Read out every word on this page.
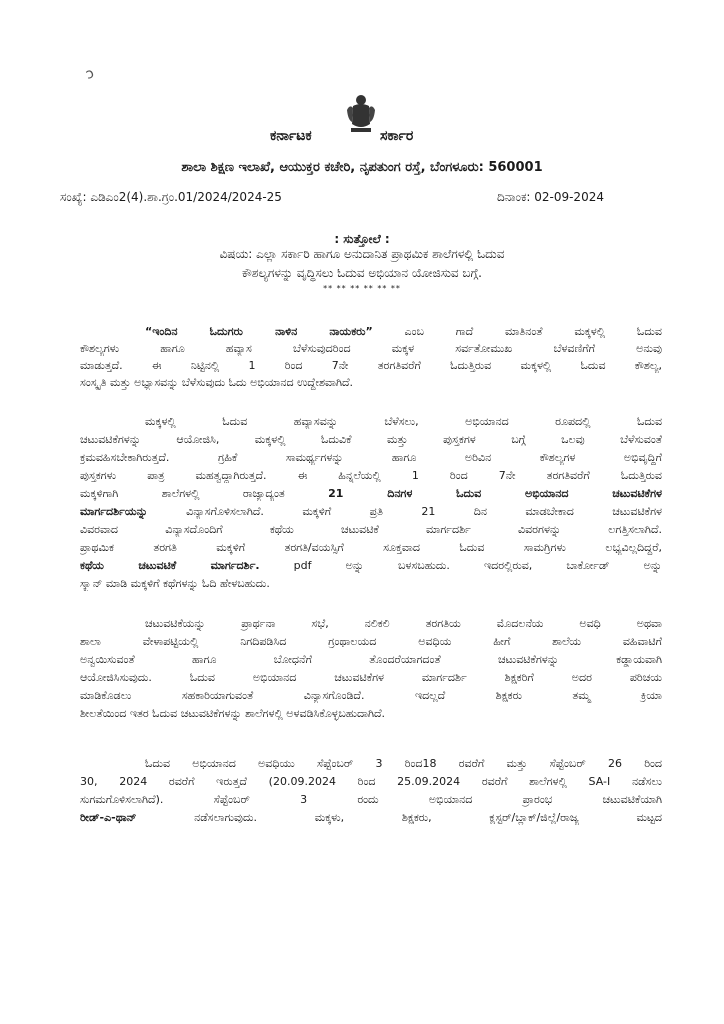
ɔ
ಕರ್ನಾಟಕ	ಸರ್ಕಾರ
ಶಾಲಾ ಶಿಕ್ಷಣ ಇಲಾಖೆ, ಆಯುಕ್ತರ ಕಚೇರಿ, ನೃಪತುಂಗ ರಸ್ತೆ, ಬೆಂಗಳೂರು: 560001
ಸಂಖ್ಯೆ: ಎಡಿಎಂ2(4).ಶಾ.ಗ್ರಂ.01/2024/2024-25	ದಿನಾಂಕ: 02-09-2024
: ಸುತ್ತೋಲೆ :
ವಿಷಯ: ಎಲ್ಲಾ ಸರ್ಕಾರಿ ಹಾಗೂ ಅನುದಾನಿತ ಪ್ರಾಥಮಿಕ ಶಾಲೆಗಳಲ್ಲಿ ಓದುವ
ಕೌಶಲ್ಯಗಳನ್ನು ವೃದ್ಧಿಸಲು ಓದುವ ಅಭಿಯಾನ ಯೋಜಿಸುವ ಬಗ್ಗೆ.
** ** ** ** ** **
“ಇಂದಿನ ಓದುಗರು ನಾಳಿನ ನಾಯಕರು” ಎಂಬ ಗಾದೆ ಮಾತಿನಂತೆ ಮಕ್ಕಳಲ್ಲಿ ಓದುವ
ಕೌಶಲ್ಯಗಳು ಹಾಗೂ ಹವ್ಯಾಸ ಬೆಳೆಸುವುದರಿಂದ ಮಕ್ಕಳ ಸರ್ವತೋಮುಖ ಬೆಳವಣಿಗೆಗೆ ಅನುವು
ಮಾಡುತ್ತದೆ. ಈ ನಿಟ್ಟಿನಲ್ಲಿ 1 ರಿಂದ 7ನೇ ತರಗತಿವರೆಗೆ ಓದುತ್ತಿರುವ ಮಕ್ಕಳಲ್ಲಿ ಓದುವ ಕೌಶಲ್ಯ,
ಸಂಸ್ಕೃತಿ ಮತ್ತು ಅಭ್ಯಾಸವನ್ನು ಬೆಳೆಸುವುದು ಓದು ಅಭಿಯಾನದ ಉದ್ದೇಶವಾಗಿದೆ.
ಮಕ್ಕಳಲ್ಲಿ ಓದುವ ಹವ್ಯಾಸವನ್ನು ಬೆಳೆಸಲು, ಅಭಿಯಾನದ ರೂಪದಲ್ಲಿ ಓದುವ
ಚಟುವಟಿಕೆಗಳನ್ನು ಆಯೋಜಿಸಿ, ಮಕ್ಕಳಲ್ಲಿ ಓದುವಿಕೆ ಮತ್ತು ಪುಸ್ತಕಗಳ ಬಗ್ಗೆ ಒಲವು ಬೆಳೆಸುವಂತೆ
ಕ್ರಮವಹಿಸಬೇಕಾಗಿರುತ್ತದೆ. ಗ್ರಹಿಕೆ ಸಾಮರ್ಥ್ಯಗಳನ್ನು ಹಾಗೂ ಅರಿವಿನ ಕೌಶಲ್ಯಗಳ ಅಭಿವೃದ್ಧಿಗೆ
ಪುಸ್ತಕಗಳು ಪಾತ್ರ ಮಹತ್ವದ್ದಾಗಿರುತ್ತದೆ. ಈ ಹಿನ್ನಲೆಯಲ್ಲಿ 1 ರಿಂದ 7ನೇ ತರಗತಿವರೆಗೆ ಓದುತ್ತಿರುವ
ಮಕ್ಕಳಿಗಾಗಿ ಶಾಲೆಗಳಲ್ಲಿ ರಾಜ್ಯಾದ್ಯಂತ 21 ದಿನಗಳ ಓದುವ ಅಭಿಯಾನದ ಚಟುವಟಿಕೆಗಳ
ಮಾರ್ಗದರ್ಶಿಯನ್ನು ವಿನ್ಯಾಸಗೊಳಿಸಲಾಗಿದೆ. ಮಕ್ಕಳಿಗೆ ಪ್ರತಿ 21 ದಿನ ಮಾಡಬೇಕಾದ ಚಟುವಟಿಕೆಗಳ
ವಿವರವಾದ ವಿನ್ಯಾಸದೊಂದಿಗೆ ಕಥೆಯ ಚಟುವಟಿಕೆ ಮಾರ್ಗದರ್ಶಿ ವಿವರಗಳನ್ನು ಲಗತ್ತಿಸಲಾಗಿದೆ.
ಪ್ರಾಥಮಿಕ ತರಗತಿ ಮಕ್ಕಳಿಗೆ ತರಗತಿ/ವಯಸ್ಸಿಗೆ ಸೂಕ್ತವಾದ ಓದುವ ಸಾಮಗ್ರಿಗಳು ಲಭ್ಯವಿಲ್ಲದಿದ್ದರೆ,
ಕಥೆಯ ಚಟುವಟಿಕೆ ಮಾರ್ಗದರ್ಶಿ. pdf ಅನ್ನು ಬಳಸಬಹುದು. ಇದರಲ್ಲಿರುವ, ಬಾರ್ಕೋಡ್ ಅನ್ನು
ಸ್ಕ್ಯಾನ್ ಮಾಡಿ ಮಕ್ಕಳಿಗೆ ಕಥೆಗಳನ್ನು ಓದಿ ಹೇಳಬಹುದು.
ಚಟುವಟಿಕೆಯನ್ನು ಪ್ರಾರ್ಥನಾ ಸಭೆ, ನಲಿಕಲಿ ತರಗತಿಯ ಮೊದಲನೆಯ ಅವಧಿ ಅಥವಾ
ಶಾಲಾ ವೇಳಾಪಟ್ಟಿಯಲ್ಲಿ ನಿಗದಿಪಡಿಸಿದ ಗ್ರಂಥಾಲಯದ ಅವಧಿಯ ಹೀಗೆ ಶಾಲೆಯ ವಹಿವಾಟಿಗೆ
ಅನ್ವಯಿಸುವಂತೆ ಹಾಗೂ ಬೋಧನೆಗೆ ತೊಂದರೆಯಾಗದಂತೆ ಚಟುವಟಿಕೆಗಳನ್ನು ಕಡ್ಡಾಯವಾಗಿ
ಆಯೋಜಿಸಿಸುವುದು. ಓದುವ ಅಭಿಯಾನದ ಚಟುವಟಿಕೆಗಳ ಮಾರ್ಗದರ್ಶಿ ಶಿಕ್ಷಕರಿಗೆ ಅದರ ಪರಿಚಯ
ಮಾಡಿಕೊಡಲು ಸಹಕಾರಿಯಾಗುವಂತೆ ವಿನ್ಯಾಸಗೊಂಡಿದೆ. ಇದಲ್ಲದೆ ಶಿಕ್ಷಕರು ತಮ್ಮ ಕ್ರಿಯಾ
ಶೀಲತೆಯಿಂದ ಇತರ ಓದುವ ಚಟುವಟಿಕೆಗಳನ್ನು ಶಾಲೆಗಳಲ್ಲಿ ಅಳವಡಿಸಿಕೊಳ್ಳಬಹುದಾಗಿದೆ.
ಓದುವ ಅಭಿಯಾನದ ಅವಧಿಯು ಸೆಪ್ಟೆಂಬರ್ 3 ರಿಂದ18 ರವರೆಗೆ ಮತ್ತು ಸೆಪ್ಟೆಂಬರ್ 26 ರಿಂದ
30, 2024 ರವರೆಗೆ ಇರುತ್ತದೆ (20.09.2024 ರಿಂದ 25.09.2024 ರವರೆಗೆ ಶಾಲೆಗಳಲ್ಲಿ SA-I ನಡೆಸಲು
ಸುಗಮಗೊಳಿಸಲಾಗಿದೆ). ಸೆಪ್ಟೆಂಬರ್ 3 ರಂದು ಅಭಿಯಾನದ ಪ್ರಾರಂಭ ಚಟುವಟಿಕೆಯಾಗಿ
ರೀಡ್-ಎ-ಥಾನ್ ನಡೆಸಲಾಗುವುದು. ಮಕ್ಕಳು, ಶಿಕ್ಷಕರು, ಕ್ಲಸ್ಟರ್/ಬ್ಲಾಕ್/ಜಿಲ್ಲೆ/ರಾಜ್ಯ ಮಟ್ಟದ
